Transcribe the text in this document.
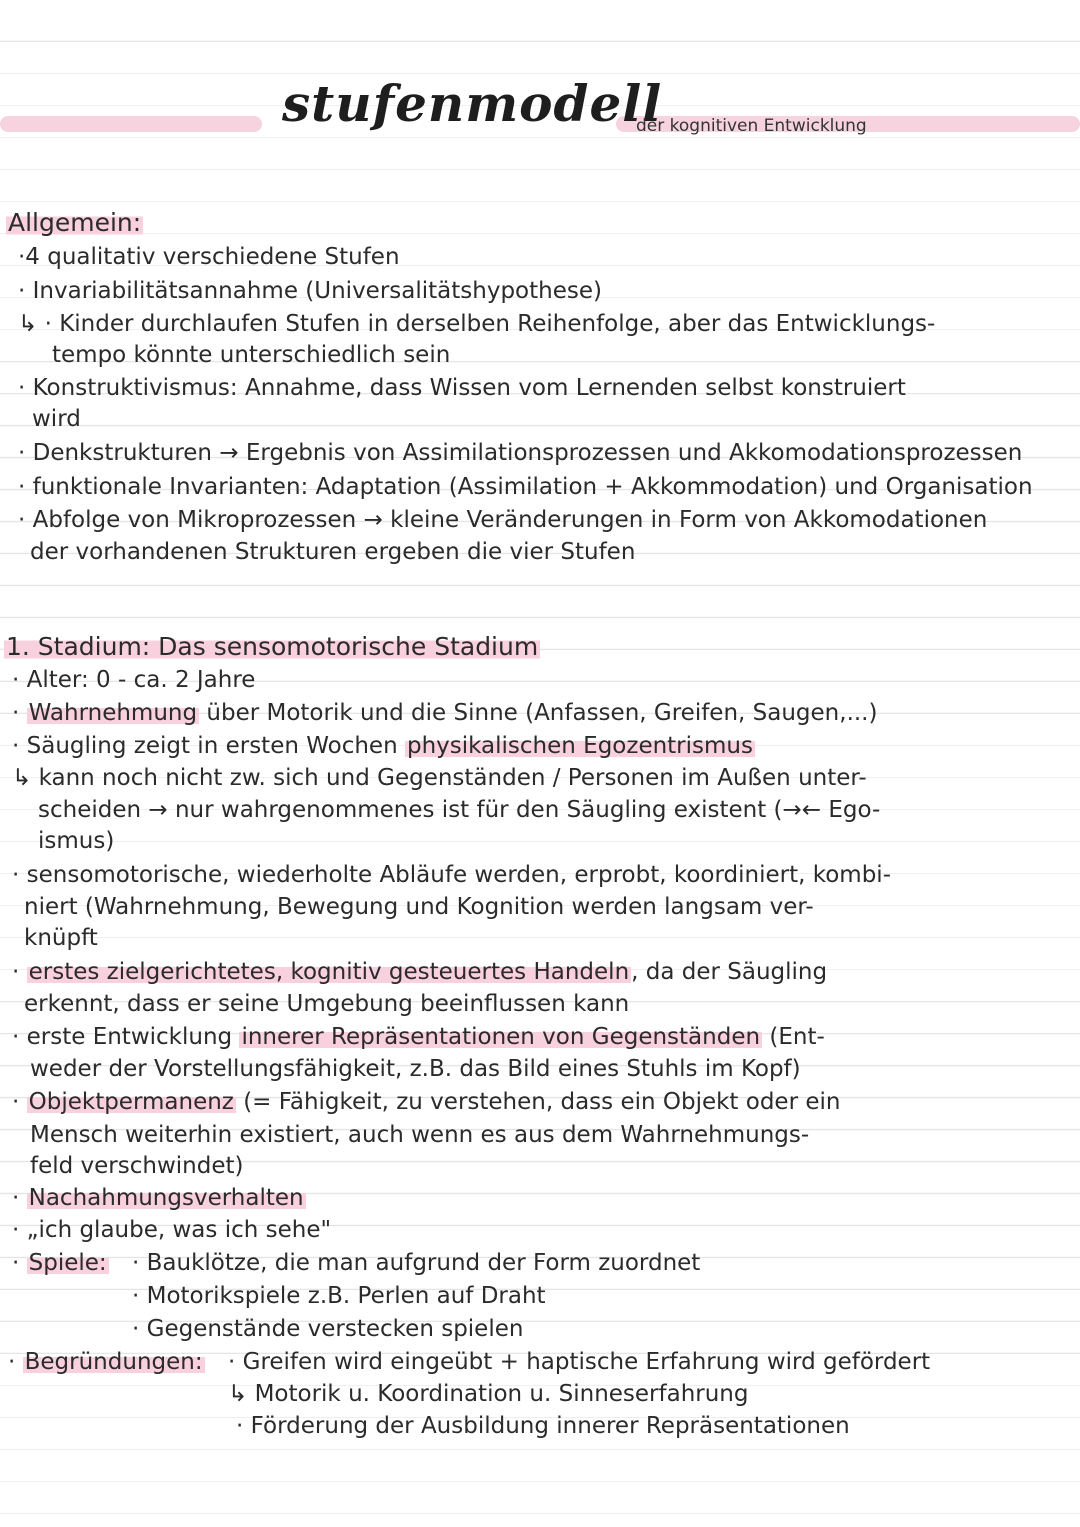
stufenmodell
der kognitiven Entwicklung
Allgemein:
·4 qualitativ verschiedene Stufen
· Invariabilitätsannahme (Universalitätshypothese)
↳ · Kinder durchlaufen Stufen in derselben Reihenfolge, aber das Entwicklungs-
tempo könnte unterschiedlich sein
· Konstruktivismus: Annahme, dass Wissen vom Lernenden selbst konstruiert
wird
· Denkstrukturen → Ergebnis von Assimilationsprozessen und Akkomodationsprozessen
· funktionale Invarianten: Adaptation (Assimilation + Akkommodation) und Organisation
· Abfolge von Mikroprozessen → kleine Veränderungen in Form von Akkomodationen
der vorhandenen Strukturen ergeben die vier Stufen
1. Stadium: Das sensomotorische Stadium
· Alter: 0 - ca. 2 Jahre
· Wahrnehmung über Motorik und die Sinne (Anfassen, Greifen, Saugen,...)
· Säugling zeigt in ersten Wochen physikalischen Egozentrismus
↳ kann noch nicht zw. sich und Gegenständen / Personen im Außen unter-
scheiden → nur wahrgenommenes ist für den Säugling existent (→← Ego-
ismus)
· sensomotorische, wiederholte Abläufe werden, erprobt, koordiniert, kombi-
niert (Wahrnehmung, Bewegung und Kognition werden langsam ver-
knüpft
· erstes zielgerichtetes, kognitiv gesteuertes Handeln, da der Säugling
erkennt, dass er seine Umgebung beeinflussen kann
· erste Entwicklung innerer Repräsentationen von Gegenständen (Ent-
weder der Vorstellungsfähigkeit, z.B. das Bild eines Stuhls im Kopf)
· Objektpermanenz (= Fähigkeit, zu verstehen, dass ein Objekt oder ein
Mensch weiterhin existiert, auch wenn es aus dem Wahrnehmungs-
feld verschwindet)
· Nachahmungsverhalten
· „ich glaube, was ich sehe"
· Spiele: · Bauklötze, die man aufgrund der Form zuordnet
· Motorikspiele z.B. Perlen auf Draht
· Gegenstände verstecken spielen
· Begründungen: · Greifen wird eingeübt + haptische Erfahrung wird gefördert
↳ Motorik u. Koordination u. Sinneserfahrung
· Förderung der Ausbildung innerer Repräsentationen
